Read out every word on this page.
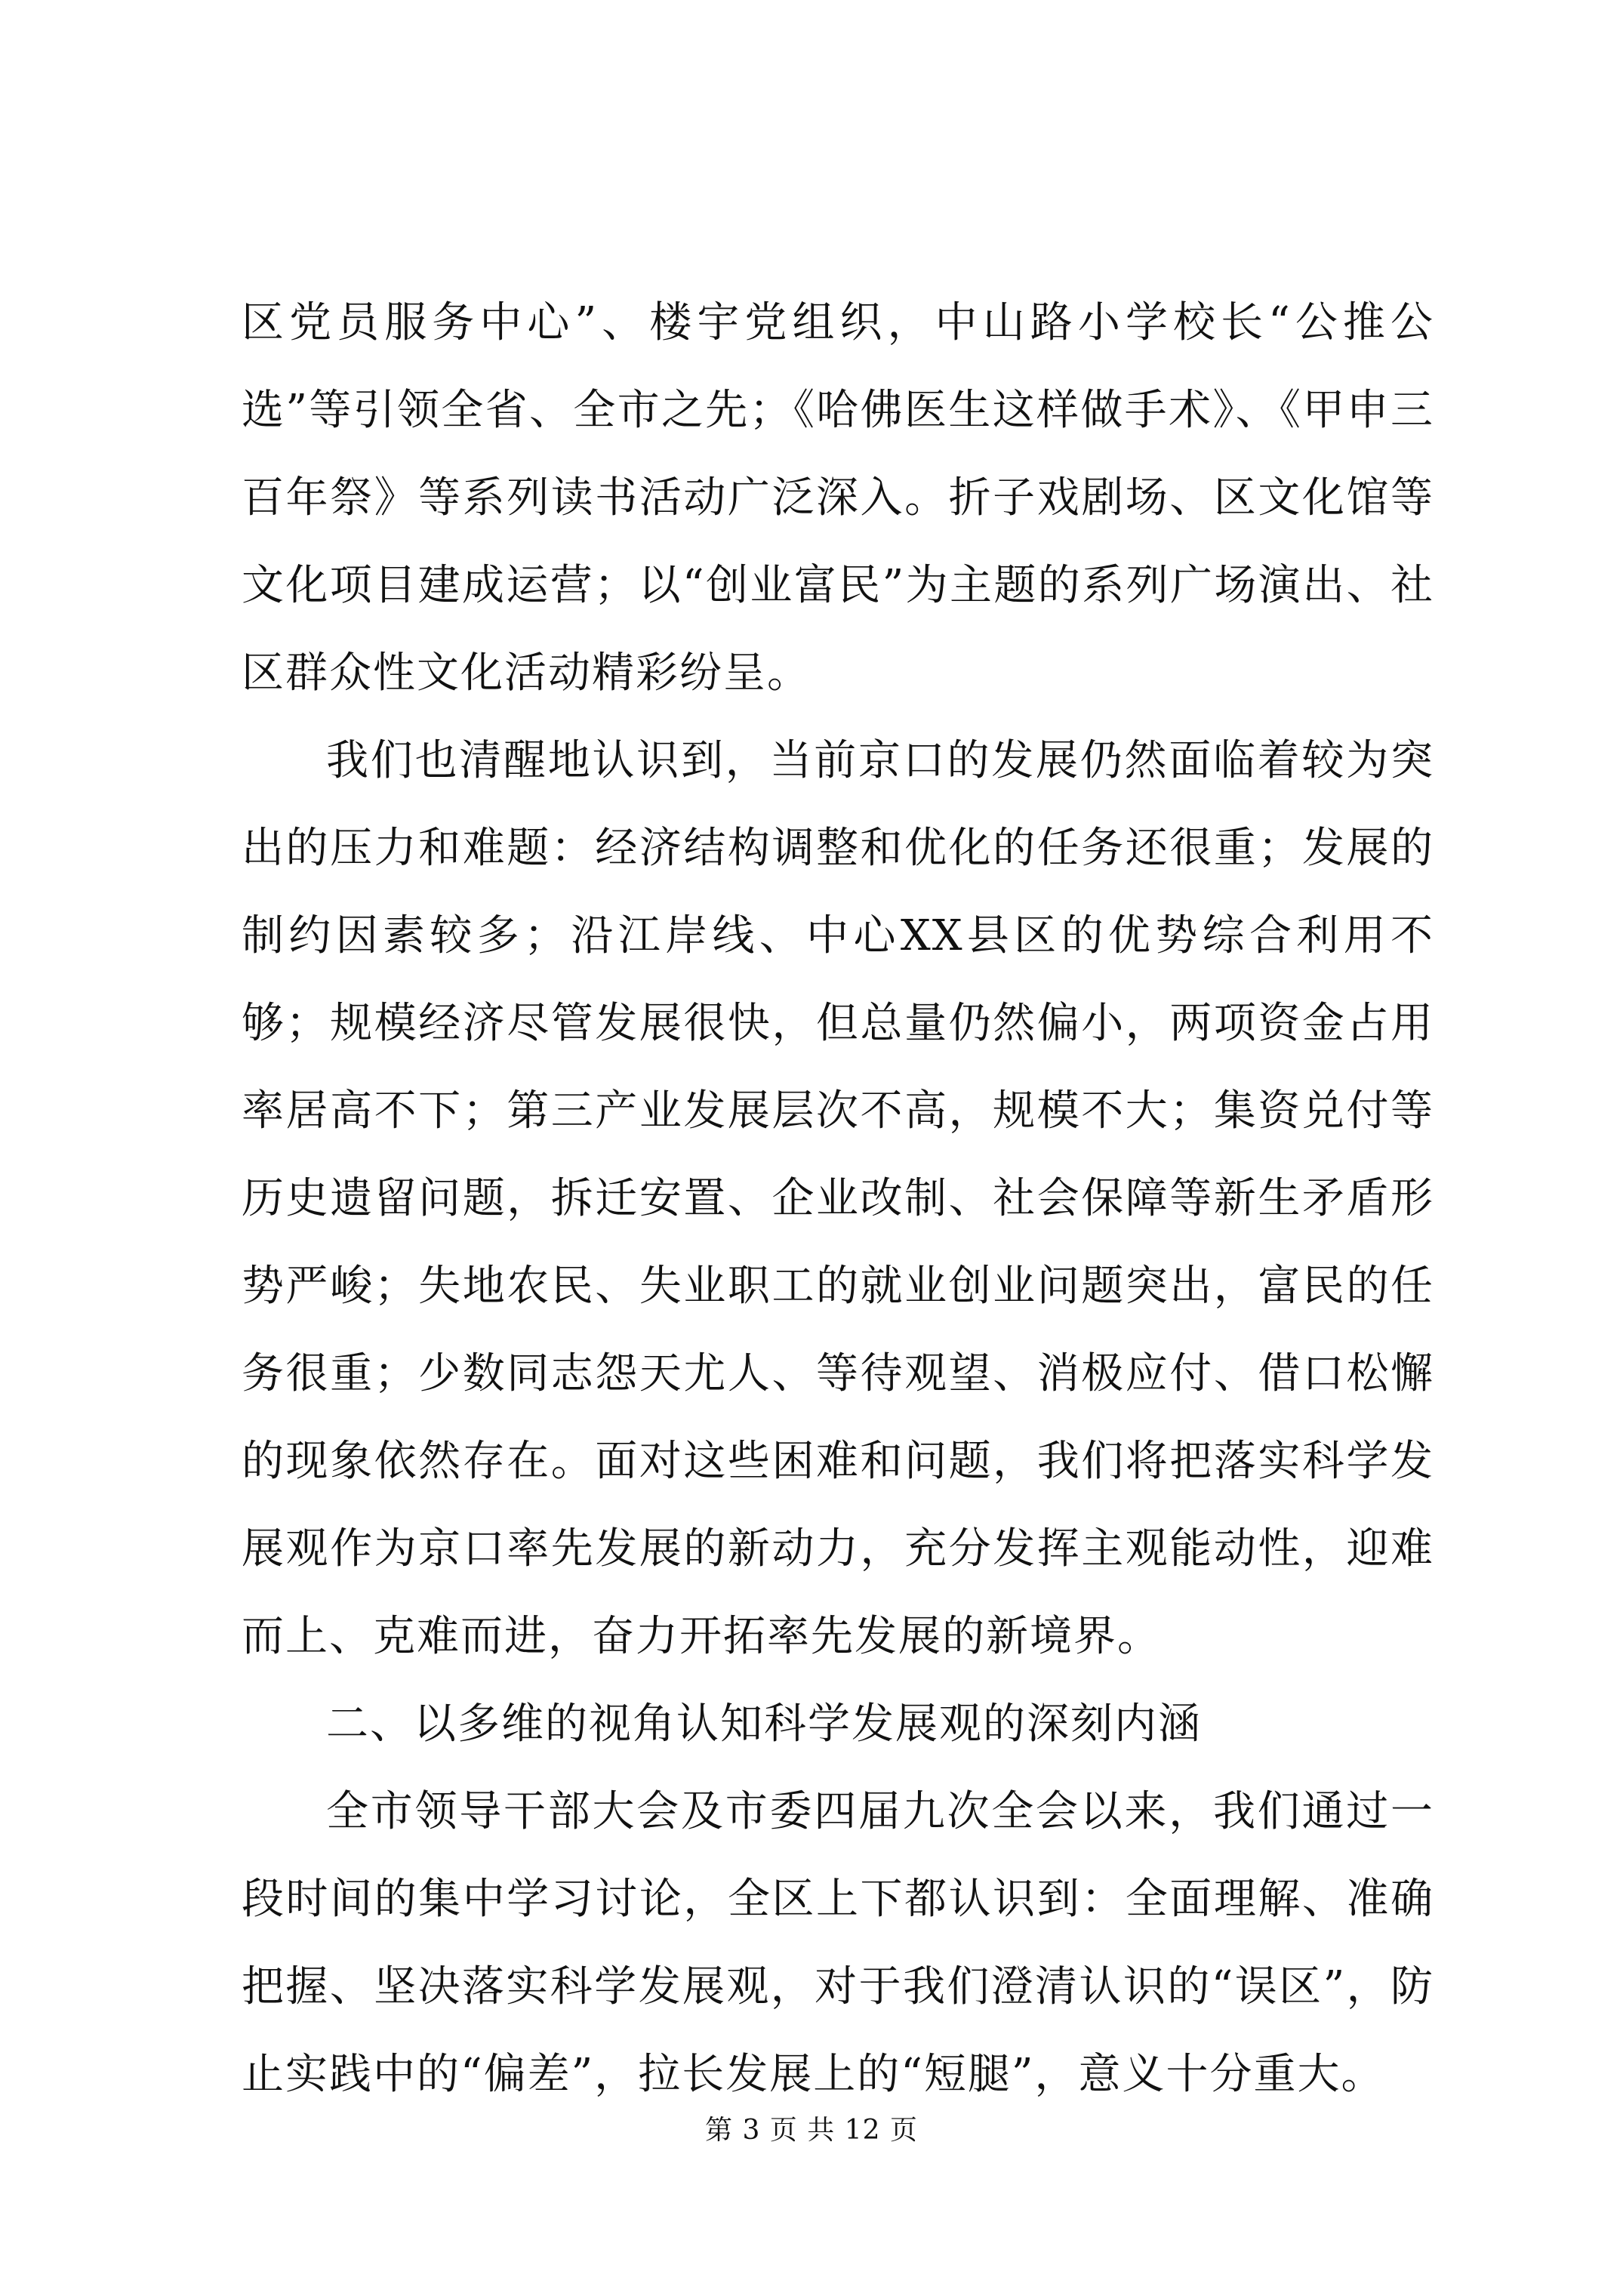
区党员服务中心”、楼宇党组织，中山路小学校长“公推公选”等引领全省、全市之先；《哈佛医生这样做手术》、《甲申三百年祭》等系列读书活动广泛深入。折子戏剧场、区文化馆等文化项目建成运营；以“创业富民”为主题的系列广场演出、社区群众性文化活动精彩纷呈。

我们也清醒地认识到，当前京口的发展仍然面临着较为突出的压力和难题：经济结构调整和优化的任务还很重；发展的制约因素较多；沿江岸线、中心XX县区的优势综合利用不够；规模经济尽管发展很快，但总量仍然偏小，两项资金占用率居高不下；第三产业发展层次不高，规模不大；集资兑付等历史遗留问题，拆迁安置、企业改制、社会保障等新生矛盾形势严峻；失地农民、失业职工的就业创业问题突出，富民的任务很重；少数同志怨天尤人、等待观望、消极应付、借口松懈的现象依然存在。面对这些困难和问题，我们将把落实科学发展观作为京口率先发展的新动力，充分发挥主观能动性，迎难而上、克难而进，奋力开拓率先发展的新境界。

二、以多维的视角认知科学发展观的深刻内涵

全市领导干部大会及市委四届九次全会以来，我们通过一段时间的集中学习讨论，全区上下都认识到：全面理解、准确把握、坚决落实科学发展观，对于我们澄清认识的“误区”，防止实践中的“偏差”，拉长发展上的“短腿”，意义十分重大。

第 3 页 共 12 页
